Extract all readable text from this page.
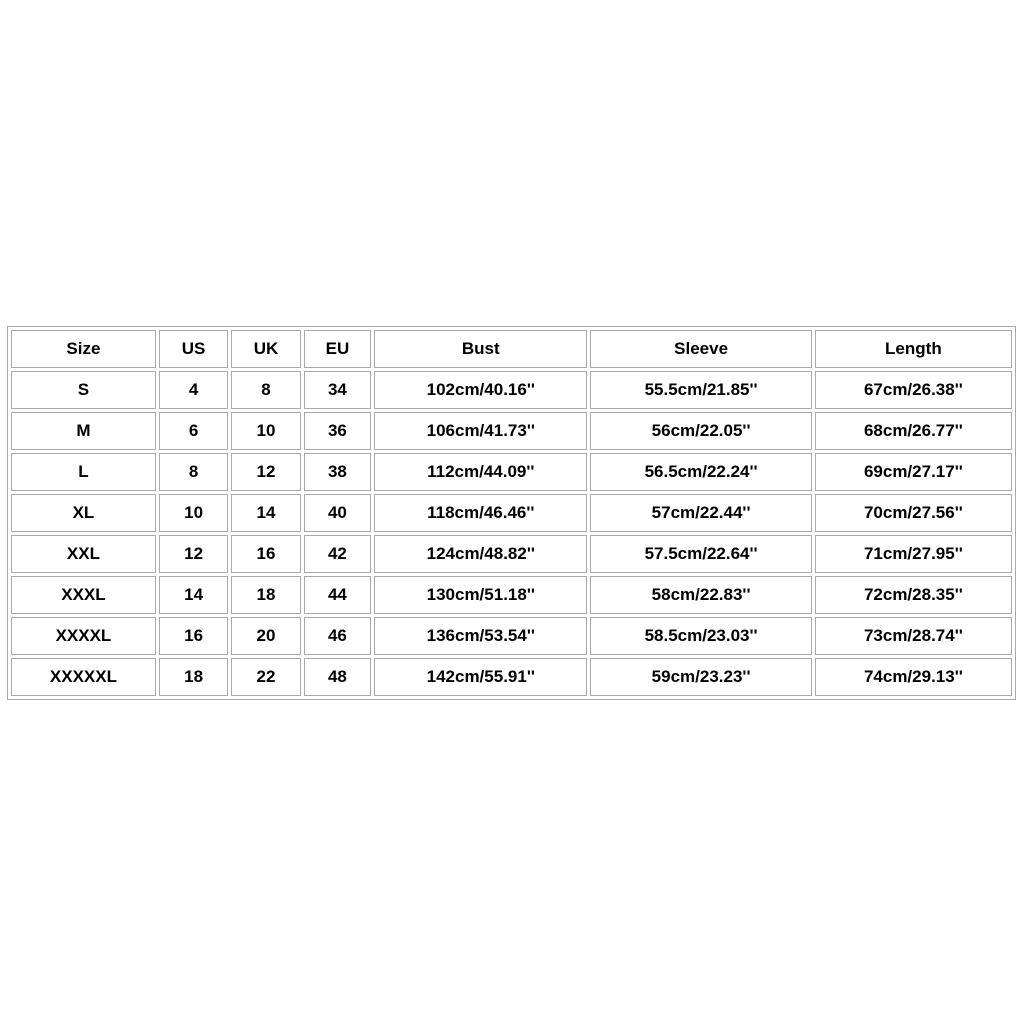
Size	US	UK	EU	Bust	Sleeve	Length
S	4	8	34	102cm/40.16''	55.5cm/21.85''	67cm/26.38''
M	6	10	36	106cm/41.73''	56cm/22.05''	68cm/26.77''
L	8	12	38	112cm/44.09''	56.5cm/22.24''	69cm/27.17''
XL	10	14	40	118cm/46.46''	57cm/22.44''	70cm/27.56''
XXL	12	16	42	124cm/48.82''	57.5cm/22.64''	71cm/27.95''
XXXL	14	18	44	130cm/51.18''	58cm/22.83''	72cm/28.35''
XXXXL	16	20	46	136cm/53.54''	58.5cm/23.03''	73cm/28.74''
XXXXXL	18	22	48	142cm/55.91''	59cm/23.23''	74cm/29.13''
